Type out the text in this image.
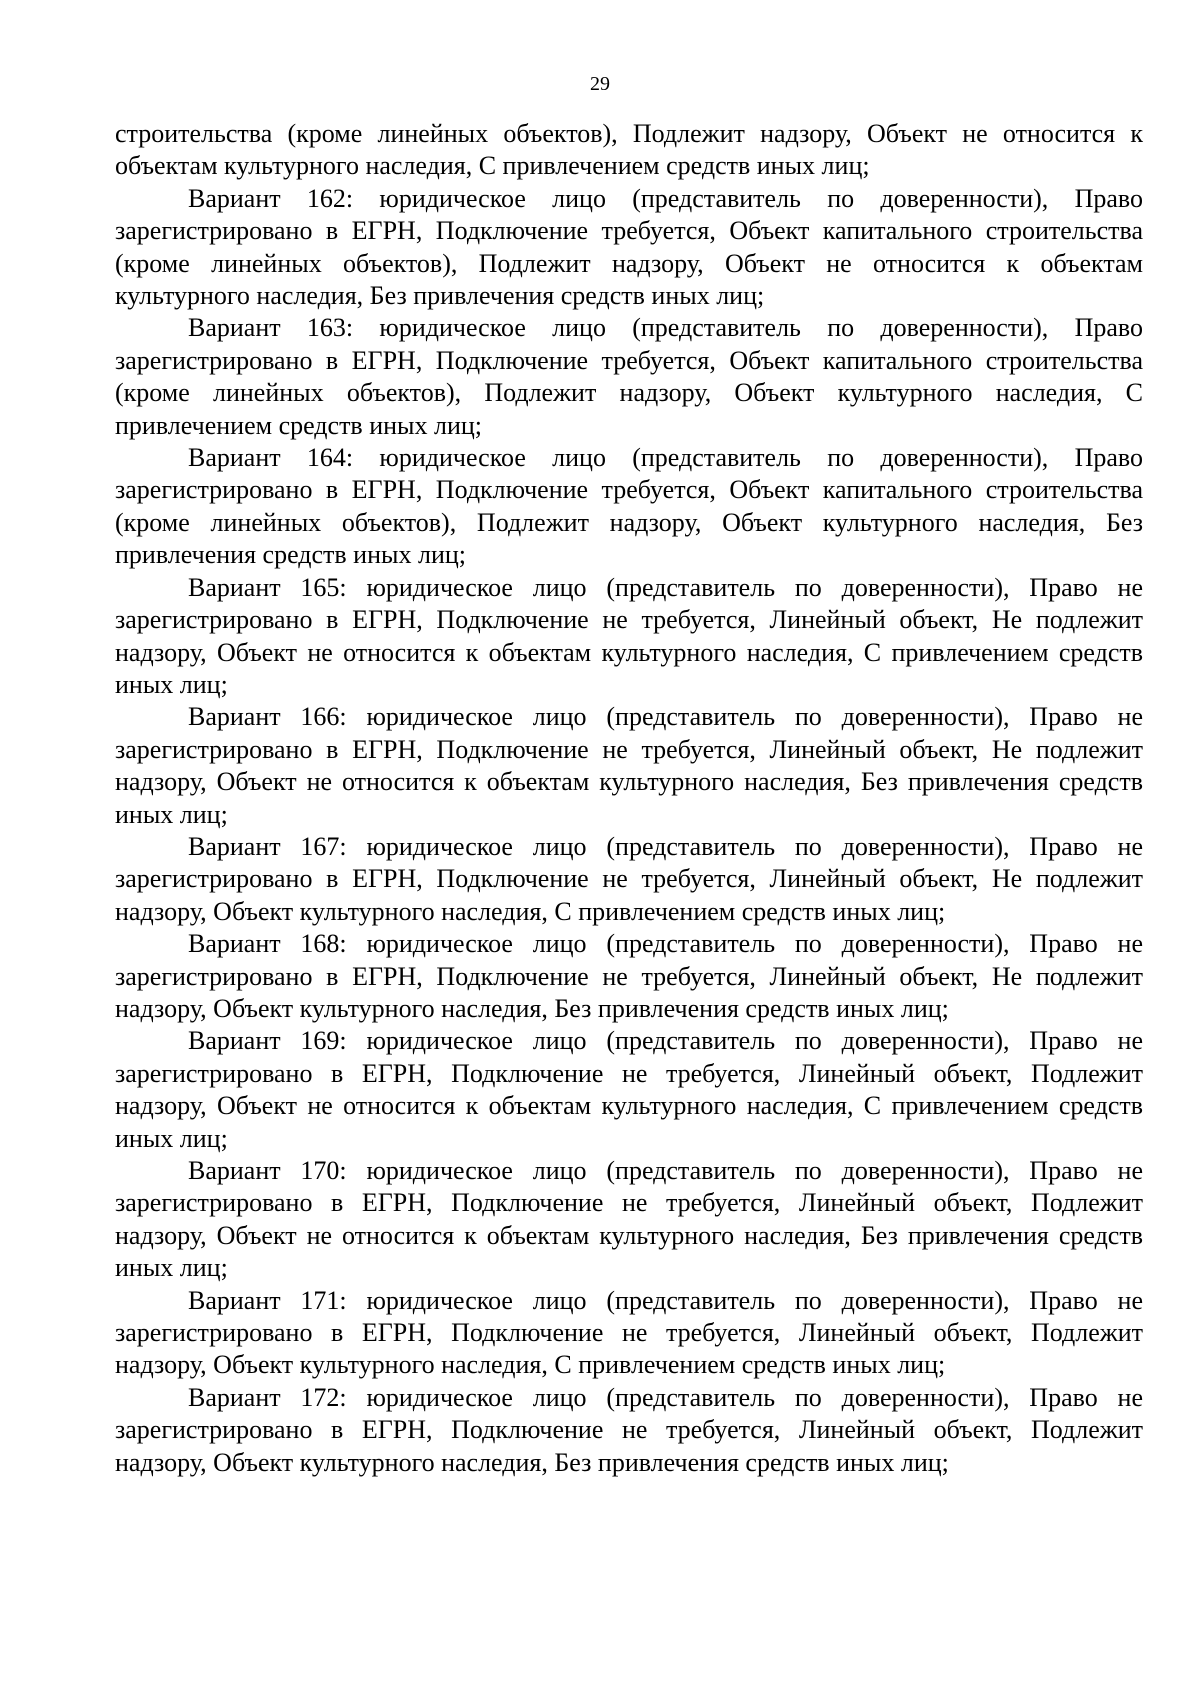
29

строительства (кроме линейных объектов), Подлежит надзору, Объект не относится к объектам культурного наследия, С привлечением средств иных лиц;

Вариант 162: юридическое лицо (представитель по доверенности), Право зарегистрировано в ЕГРН, Подключение требуется, Объект капитального строительства (кроме линейных объектов), Подлежит надзору, Объект не относится к объектам культурного наследия, Без привлечения средств иных лиц;

Вариант 163: юридическое лицо (представитель по доверенности), Право зарегистрировано в ЕГРН, Подключение требуется, Объект капитального строительства (кроме линейных объектов), Подлежит надзору, Объект культурного наследия, С привлечением средств иных лиц;

Вариант 164: юридическое лицо (представитель по доверенности), Право зарегистрировано в ЕГРН, Подключение требуется, Объект капитального строительства (кроме линейных объектов), Подлежит надзору, Объект культурного наследия, Без привлечения средств иных лиц;

Вариант 165: юридическое лицо (представитель по доверенности), Право не зарегистрировано в ЕГРН, Подключение не требуется, Линейный объект, Не подлежит надзору, Объект не относится к объектам культурного наследия, С привлечением средств иных лиц;

Вариант 166: юридическое лицо (представитель по доверенности), Право не зарегистрировано в ЕГРН, Подключение не требуется, Линейный объект, Не подлежит надзору, Объект не относится к объектам культурного наследия, Без привлечения средств иных лиц;

Вариант 167: юридическое лицо (представитель по доверенности), Право не зарегистрировано в ЕГРН, Подключение не требуется, Линейный объект, Не подлежит надзору, Объект культурного наследия, С привлечением средств иных лиц;

Вариант 168: юридическое лицо (представитель по доверенности), Право не зарегистрировано в ЕГРН, Подключение не требуется, Линейный объект, Не подлежит надзору, Объект культурного наследия, Без привлечения средств иных лиц;

Вариант 169: юридическое лицо (представитель по доверенности), Право не зарегистрировано в ЕГРН, Подключение не требуется, Линейный объект, Подлежит надзору, Объект не относится к объектам культурного наследия, С привлечением средств иных лиц;

Вариант 170: юридическое лицо (представитель по доверенности), Право не зарегистрировано в ЕГРН, Подключение не требуется, Линейный объект, Подлежит надзору, Объект не относится к объектам культурного наследия, Без привлечения средств иных лиц;

Вариант 171: юридическое лицо (представитель по доверенности), Право не зарегистрировано в ЕГРН, Подключение не требуется, Линейный объект, Подлежит надзору, Объект культурного наследия, С привлечением средств иных лиц;

Вариант 172: юридическое лицо (представитель по доверенности), Право не зарегистрировано в ЕГРН, Подключение не требуется, Линейный объект, Подлежит надзору, Объект культурного наследия, Без привлечения средств иных лиц;
